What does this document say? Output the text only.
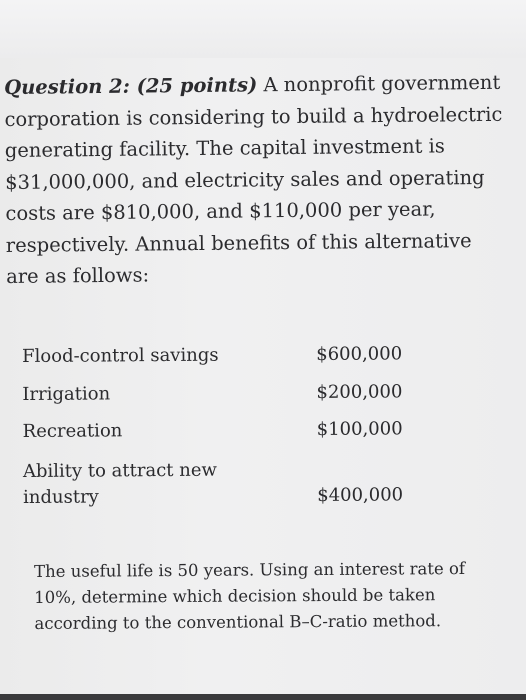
Question 2: (25 points) A nonprofit government corporation is considering to build a hydroelectric generating facility. The capital investment is $31,000,000, and electricity sales and operating costs are $810,000, and $110,000 per year, respectively. Annual benefits of this alternative are as follows:

Flood-control savings	$600,000
Irrigation	$200,000
Recreation	$100,000
Ability to attract new industry	$400,000

The useful life is 50 years. Using an interest rate of 10%, determine which decision should be taken according to the conventional B–C-ratio method.
